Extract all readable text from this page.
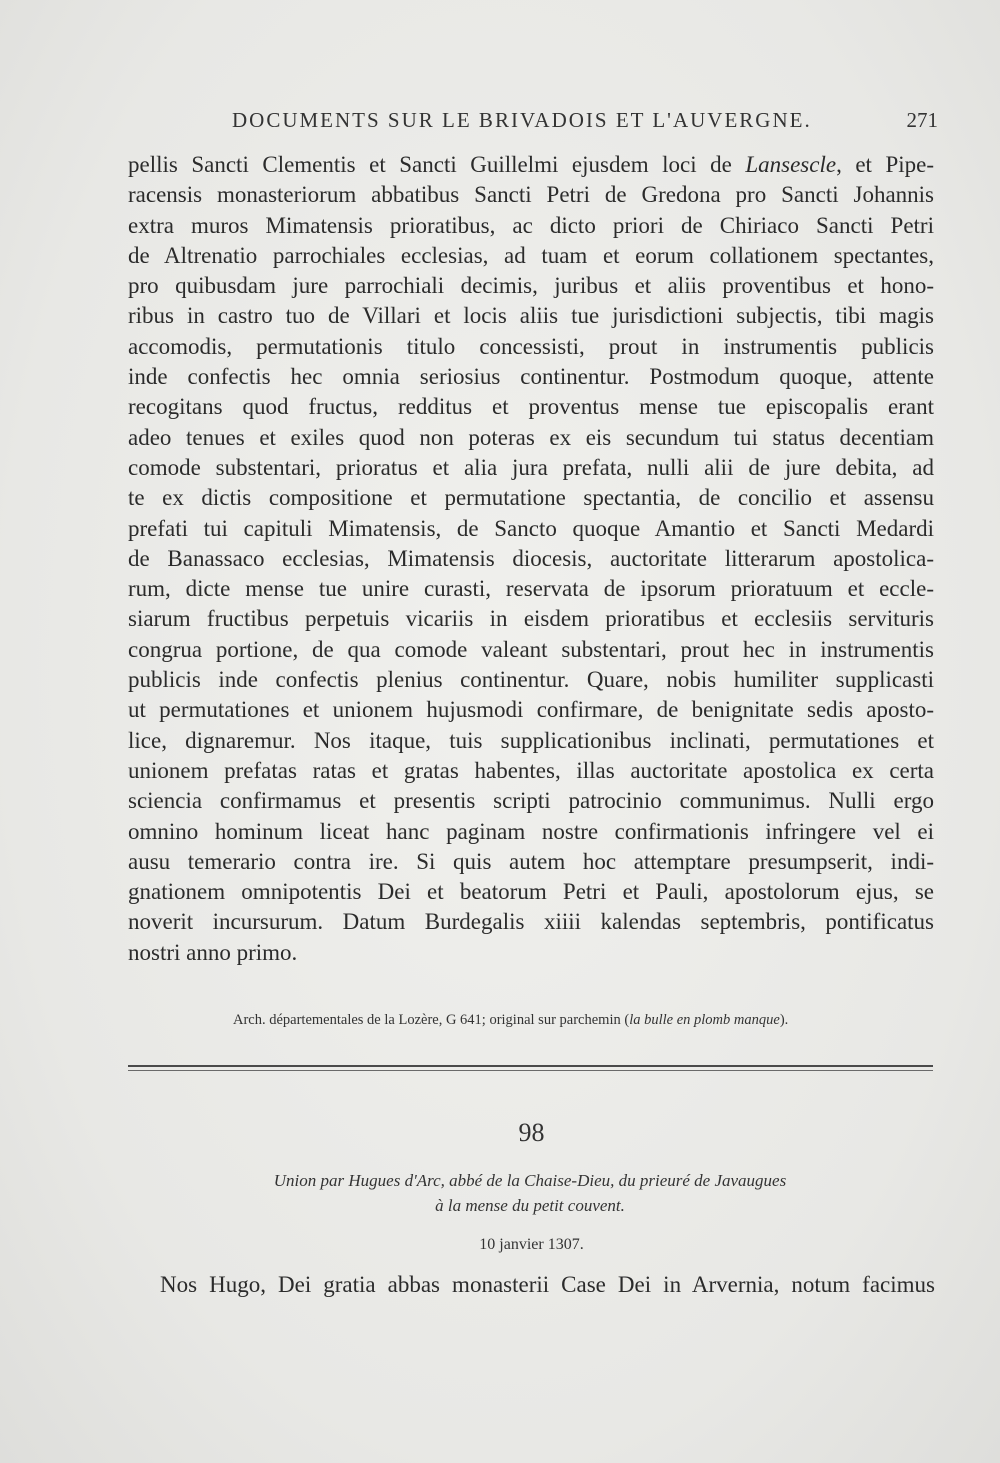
DOCUMENTS SUR LE BRIVADOIS ET L'AUVERGNE.	271
pellis Sancti Clementis et Sancti Guillelmi ejusdem loci de Lansescle, et Pipe-
racensis monasteriorum abbatibus Sancti Petri de Gredona pro Sancti Johannis
extra muros Mimatensis prioratibus, ac dicto priori de Chiriaco Sancti Petri
de Altrenatio parrochiales ecclesias, ad tuam et eorum collationem spectantes,
pro quibusdam jure parrochiali decimis, juribus et aliis proventibus et hono-
ribus in castro tuo de Villari et locis aliis tue jurisdictioni subjectis, tibi magis
accomodis, permutationis titulo concessisti, prout in instrumentis publicis
inde confectis hec omnia seriosius continentur. Postmodum quoque, attente
recogitans quod fructus, redditus et proventus mense tue episcopalis erant
adeo tenues et exiles quod non poteras ex eis secundum tui status decentiam
comode substentari, prioratus et alia jura prefata, nulli alii de jure debita, ad
te ex dictis compositione et permutatione spectantia, de concilio et assensu
prefati tui capituli Mimatensis, de Sancto quoque Amantio et Sancti Medardi
de Banassaco ecclesias, Mimatensis diocesis, auctoritate litterarum apostolica-
rum, dicte mense tue unire curasti, reservata de ipsorum prioratuum et eccle-
siarum fructibus perpetuis vicariis in eisdem prioratibus et ecclesiis servituris
congrua portione, de qua comode valeant substentari, prout hec in instrumentis
publicis inde confectis plenius continentur. Quare, nobis humiliter supplicasti
ut permutationes et unionem hujusmodi confirmare, de benignitate sedis aposto-
lice, dignaremur. Nos itaque, tuis supplicationibus inclinati, permutationes et
unionem prefatas ratas et gratas habentes, illas auctoritate apostolica ex certa
sciencia confirmamus et presentis scripti patrocinio communimus. Nulli ergo
omnino hominum liceat hanc paginam nostre confirmationis infringere vel ei
ausu temerario contra ire. Si quis autem hoc attemptare presumpserit, indi-
gnationem omnipotentis Dei et beatorum Petri et Pauli, apostolorum ejus, se
noverit incursurum. Datum Burdegalis xiiii kalendas septembris, pontificatus
nostri anno primo.
Arch. départementales de la Lozère, G 641; original sur parchemin (la bulle en plomb manque).
98
Union par Hugues d'Arc, abbé de la Chaise-Dieu, du prieuré de Javaugues
à la mense du petit couvent.
10 janvier 1307.
Nos Hugo, Dei gratia abbas monasterii Case Dei in Arvernia, notum facimus
